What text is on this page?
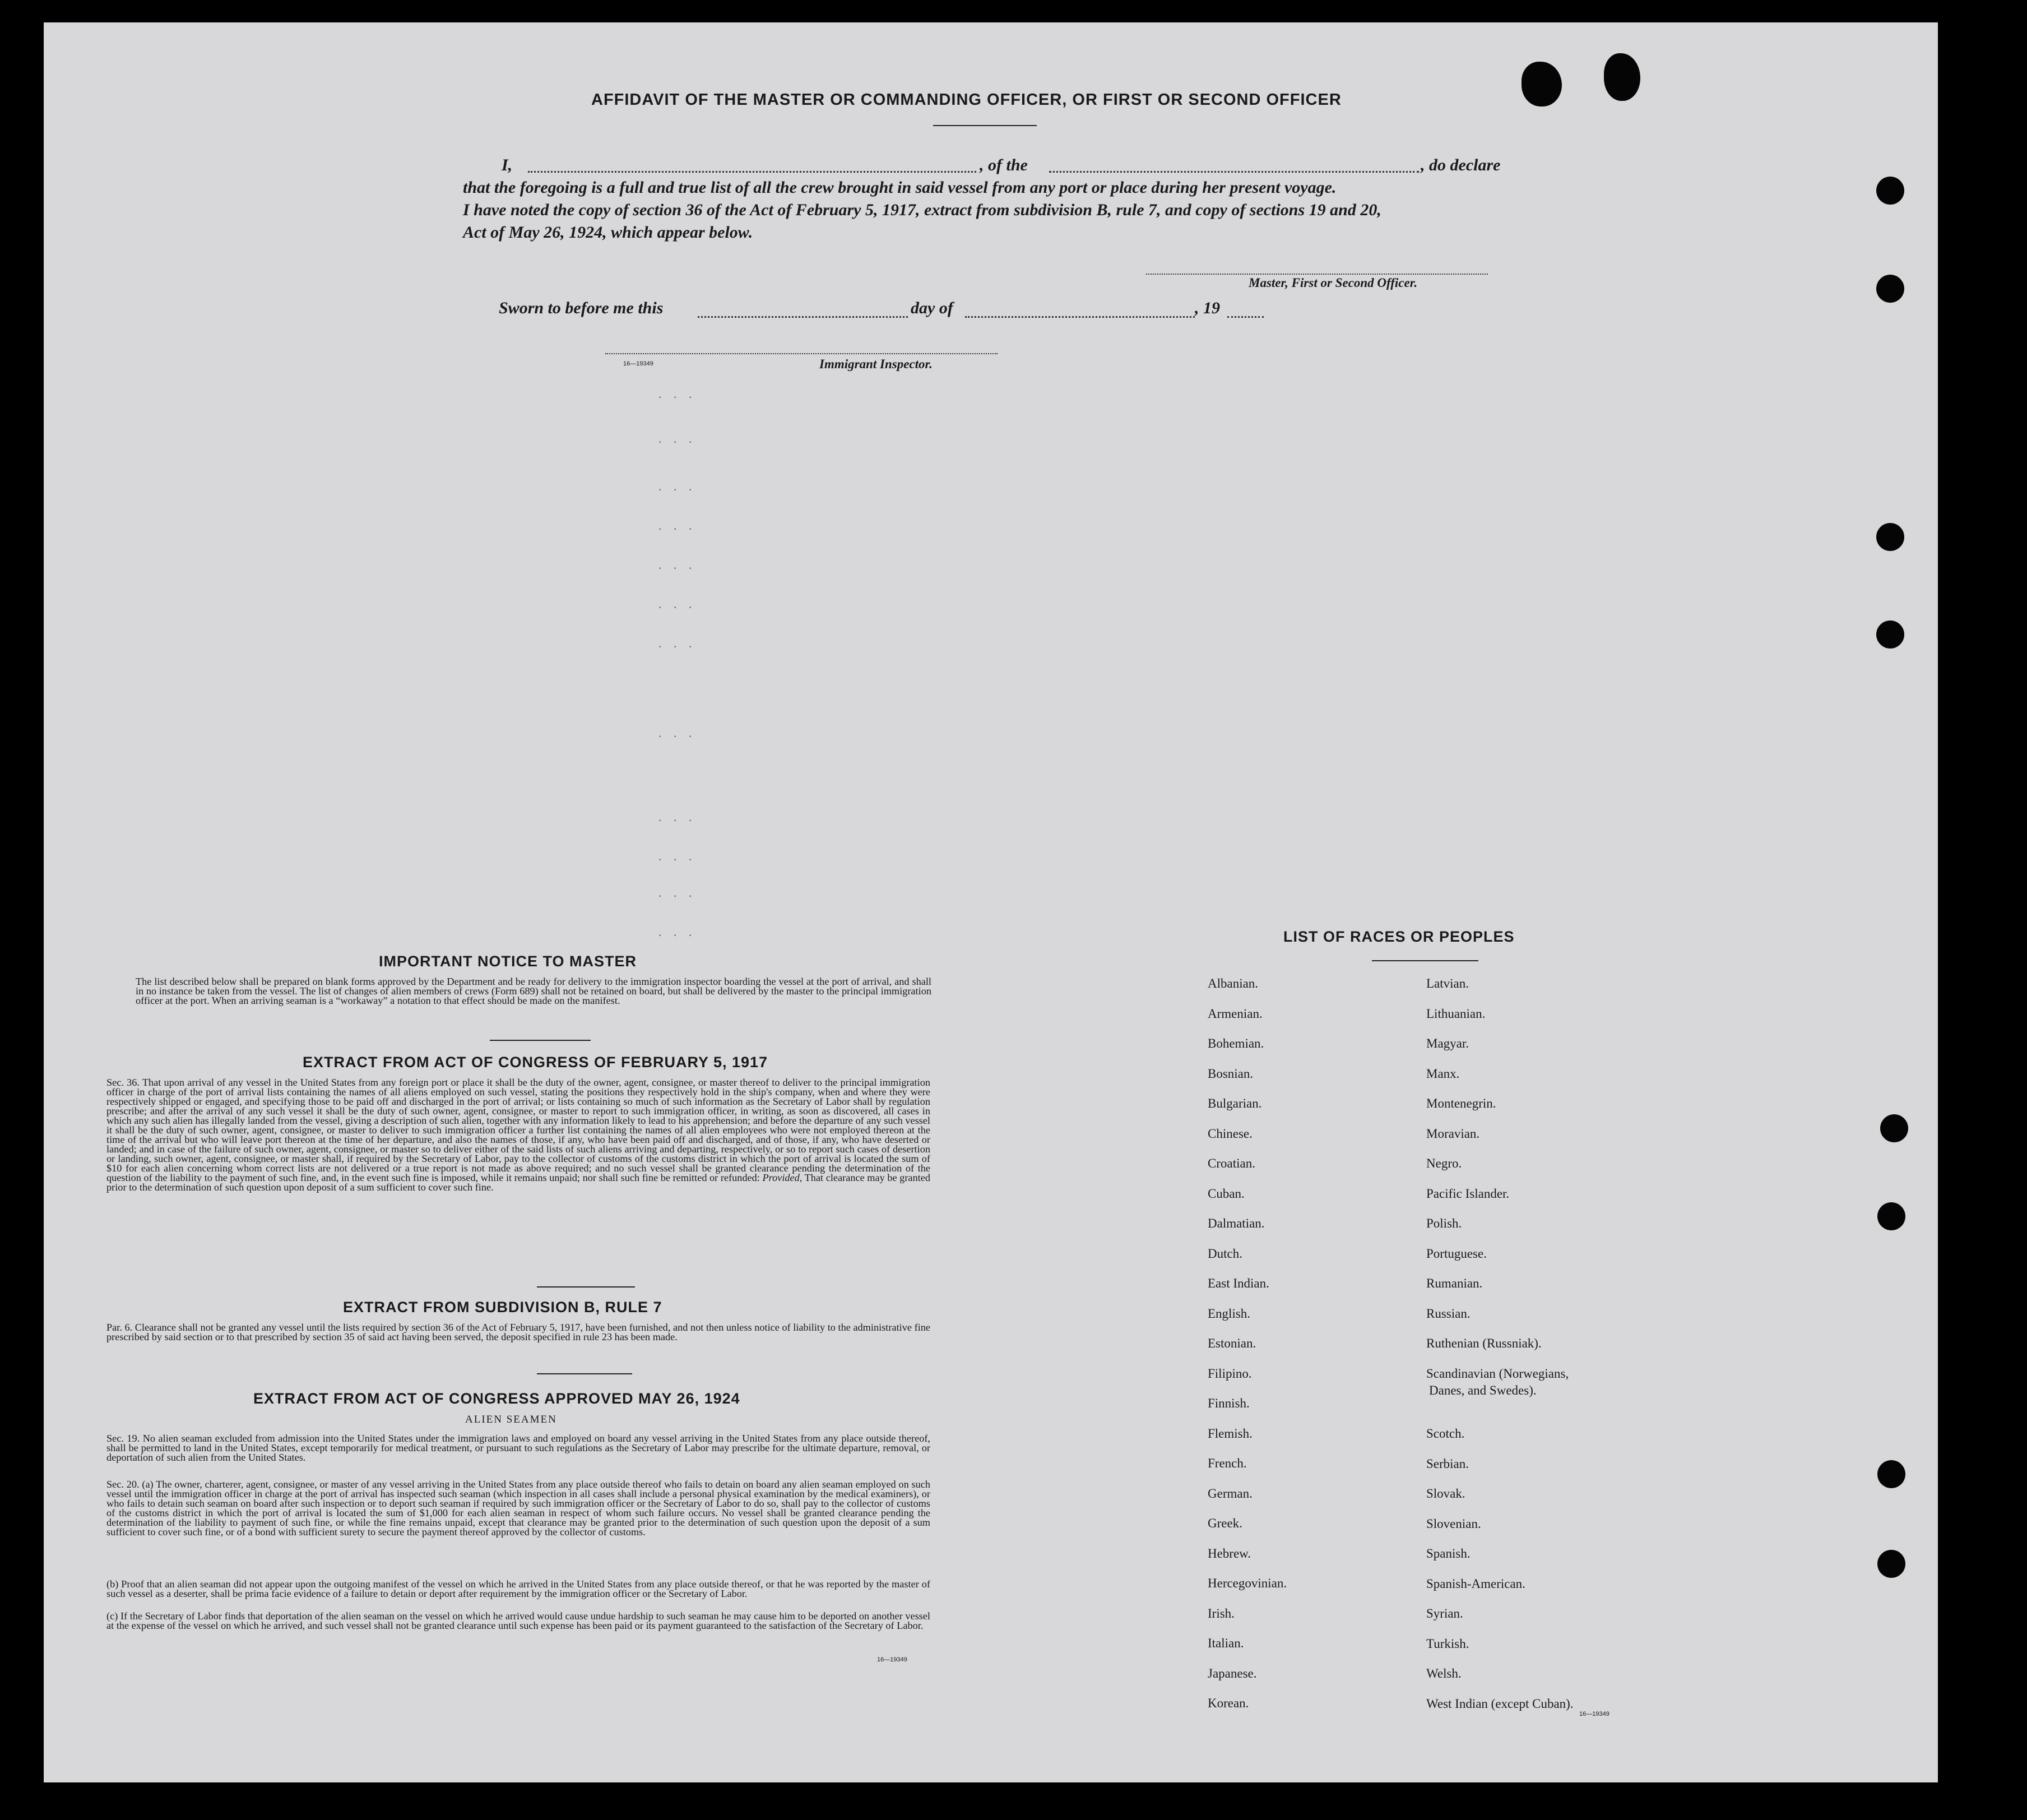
AFFIDAVIT OF THE MASTER OR COMMANDING OFFICER, OR FIRST OR SECOND OFFICER
I,	, of the	, do declare
that the foregoing is a full and true list of all the crew brought in said vessel from any port or place during her present voyage.
I have noted the copy of section 36 of the Act of February 5, 1917, extract from subdivision B, rule 7, and copy of sections 19 and 20,
Act of May 26, 1924, which appear below.
Master, First or Second Officer.
Sworn to before me this	day of	, 19
16—19349	Immigrant Inspector.
. . .
. . .
. . .
. . .
. . .
. . .
. . .
. . .
. . .
. . .
. . .
. . .
IMPORTANT NOTICE TO MASTER
The list described below shall be prepared on blank forms approved by the Department and be ready for delivery to the immigration inspector boarding the vessel at the port of arrival, and shall in no instance be taken from the vessel. The list of changes of alien members of crews (Form 689) shall not be retained on board, but shall be delivered by the master to the principal immigration officer at the port. When an arriving seaman is a “workaway” a notation to that effect should be made on the manifest.
EXTRACT FROM ACT OF CONGRESS OF FEBRUARY 5, 1917
Sec. 36. That upon arrival of any vessel in the United States from any foreign port or place it shall be the duty of the owner, agent, consignee, or master thereof to deliver to the principal immigration officer in charge of the port of arrival lists containing the names of all aliens employed on such vessel, stating the positions they respectively hold in the ship's company, when and where they were respectively shipped or engaged, and specifying those to be paid off and discharged in the port of arrival; or lists containing so much of such information as the Secretary of Labor shall by regulation prescribe; and after the arrival of any such vessel it shall be the duty of such owner, agent, consignee, or master to report to such immigration officer, in writing, as soon as discovered, all cases in which any such alien has illegally landed from the vessel, giving a description of such alien, together with any information likely to lead to his apprehension; and before the departure of any such vessel it shall be the duty of such owner, agent, consignee, or master to deliver to such immigration officer a further list containing the names of all alien employees who were not employed thereon at the time of the arrival but who will leave port thereon at the time of her departure, and also the names of those, if any, who have been paid off and discharged, and of those, if any, who have deserted or landed; and in case of the failure of such owner, agent, consignee, or master so to deliver either of the said lists of such aliens arriving and departing, respectively, or so to report such cases of desertion or landing, such owner, agent, consignee, or master shall, if required by the Secretary of Labor, pay to the collector of customs of the customs district in which the port of arrival is located the sum of $10 for each alien concerning whom correct lists are not delivered or a true report is not made as above required; and no such vessel shall be granted clearance pending the determination of the question of the liability to the payment of such fine, and, in the event such fine is imposed, while it remains unpaid; nor shall such fine be remitted or refunded: Provided, That clearance may be granted prior to the determination of such question upon deposit of a sum sufficient to cover such fine.
EXTRACT FROM SUBDIVISION B, RULE 7
Par. 6. Clearance shall not be granted any vessel until the lists required by section 36 of the Act of February 5, 1917, have been furnished, and not then unless notice of liability to the administrative fine prescribed by said section or to that prescribed by section 35 of said act having been served, the deposit specified in rule 23 has been made.
EXTRACT FROM ACT OF CONGRESS APPROVED MAY 26, 1924
ALIEN SEAMEN
Sec. 19. No alien seaman excluded from admission into the United States under the immigration laws and employed on board any vessel arriving in the United States from any place outside thereof, shall be permitted to land in the United States, except temporarily for medical treatment, or pursuant to such regulations as the Secretary of Labor may prescribe for the ultimate departure, removal, or deportation of such alien from the United States.
Sec. 20. (a) The owner, charterer, agent, consignee, or master of any vessel arriving in the United States from any place outside thereof who fails to detain on board any alien seaman employed on such vessel until the immigration officer in charge at the port of arrival has inspected such seaman (which inspection in all cases shall include a personal physical examination by the medical examiners), or who fails to detain such seaman on board after such inspection or to deport such seaman if required by such immigration officer or the Secretary of Labor to do so, shall pay to the collector of customs of the customs district in which the port of arrival is located the sum of $1,000 for each alien seaman in respect of whom such failure occurs. No vessel shall be granted clearance pending the determination of the liability to payment of such fine, or while the fine remains unpaid, except that clearance may be granted prior to the determination of such question upon the deposit of a sum sufficient to cover such fine, or of a bond with sufficient surety to secure the payment thereof approved by the collector of customs.
(b) Proof that an alien seaman did not appear upon the outgoing manifest of the vessel on which he arrived in the United States from any place outside thereof, or that he was reported by the master of such vessel as a deserter, shall be prima facie evidence of a failure to detain or deport after requirement by the immigration officer or the Secretary of Labor.
(c) If the Secretary of Labor finds that deportation of the alien seaman on the vessel on which he arrived would cause undue hardship to such seaman he may cause him to be deported on another vessel at the expense of the vessel on which he arrived, and such vessel shall not be granted clearance until such expense has been paid or its payment guaranteed to the satisfaction of the Secretary of Labor.
16—19349
LIST OF RACES OR PEOPLES
Albanian.
Armenian.
Bohemian.
Bosnian.
Bulgarian.
Chinese.
Croatian.
Cuban.
Dalmatian.
Dutch.
East Indian.
English.
Estonian.
Filipino.
Finnish.
Flemish.
French.
German.
Greek.
Hebrew.
Hercegovinian.
Irish.
Italian.
Japanese.
Korean.
Latvian.
Lithuanian.
Magyar.
Manx.
Montenegrin.
Moravian.
Negro.
Pacific Islander.
Polish.
Portuguese.
Rumanian.
Russian.
Ruthenian (Russniak).
Scandinavian (Norwegians,
Danes, and Swedes).
Scotch.
Serbian.
Slovak.
Slovenian.
Spanish.
Spanish-American.
Syrian.
Turkish.
Welsh.
West Indian (except Cuban).
16—19349
